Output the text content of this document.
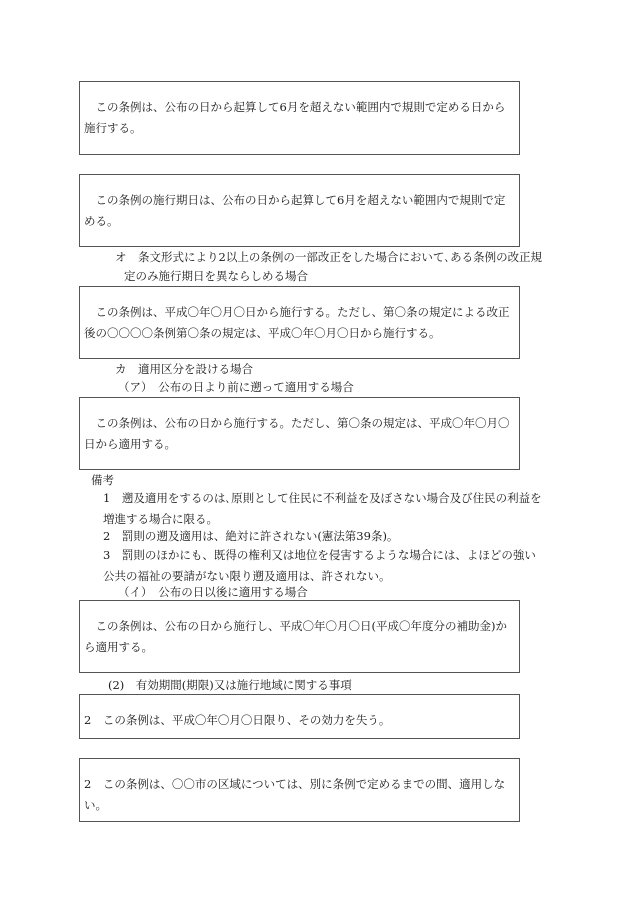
この条例は、公布の日から起算して6月を超えない範囲内で規則で定める日から施行する。

この条例の施行期日は、公布の日から起算して6月を超えない範囲内で規則で定める。

オ　条文形式により2以上の条例の一部改正をした場合において､ある条例の改正規

定のみ施行期日を異ならしめる場合

この条例は、平成〇年〇月〇日から施行する。ただし、第〇条の規定による改正後の〇〇〇〇条例第〇条の規定は、平成〇年〇月〇日から施行する。

カ　適用区分を設ける場合

（ア）　公布の日より前に遡って適用する場合

この条例は、公布の日から施行する。ただし、第〇条の規定は、平成〇年〇月〇日から適用する。

備考

1　 遡及適用をするのは､原則として住民に不利益を及ぼさない場合及び住民の利益を増進する場合に限る。
2　 罰則の遡及適用は、絶対に許されない(憲法第39条)。
3　 罰則のほかにも、既得の権利又は地位を侵害するような場合には、よほどの強い公共の福祉の要請がない限り遡及適用は、許されない。

（イ）　公布の日以後に適用する場合

この条例は、公布の日から施行し、平成〇年〇月〇日(平成〇年度分の補助金)から適用する。

(2)　有効期間(期限)又は施行地域に関する事項

2　この条例は、平成〇年〇月〇日限り、その効力を失う。

2　この条例は、〇〇市の区域については、別に条例で定めるまでの間、適用しない。
